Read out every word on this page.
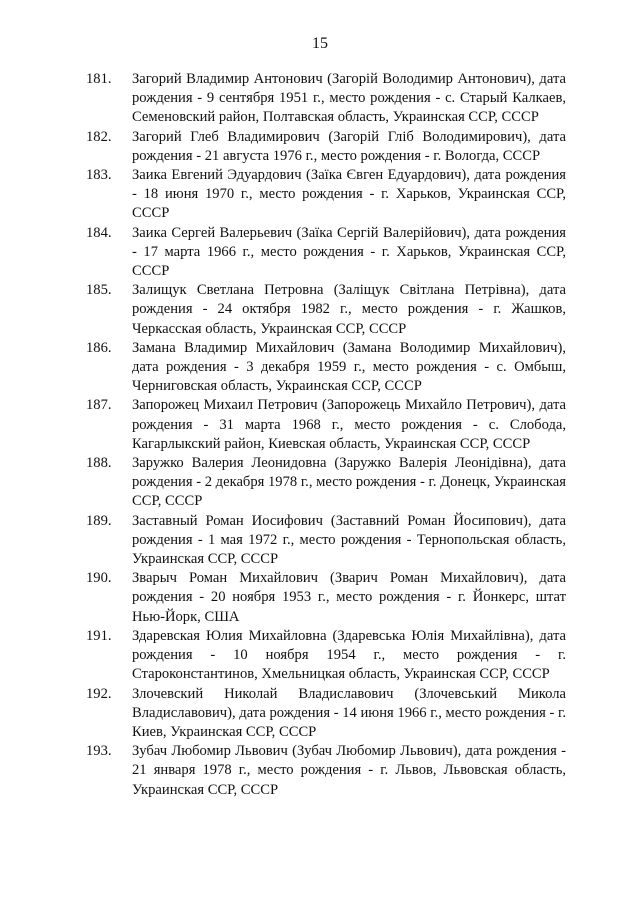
15
181.	Загорий Владимир Антонович (Загорій Володимир Антонович), дата рождения - 9 сентября 1951 г., место рождения - с. Старый Калкаев, Семеновский район, Полтавская область, Украинская ССР, СССР
182.	Загорий Глеб Владимирович (Загорій Гліб Володимирович), дата рождения - 21 августа 1976 г., место рождения - г. Вологда, СССР
183.	Заика Евгений Эдуардович (Заїка Євген Едуардович), дата рождения - 18 июня 1970 г., место рождения - г. Харьков, Украинская ССР, СССР
184.	Заика Сергей Валерьевич (Заїка Сергій Валерійович), дата рождения - 17 марта 1966 г., место рождения - г. Харьков, Украинская ССР, СССР
185.	Залищук Светлана Петровна (Заліщук Світлана Петрівна), дата рождения - 24 октября 1982 г., место рождения - г. Жашков, Черкасская область, Украинская ССР, СССР
186.	Замана Владимир Михайлович (Замана Володимир Михайлович), дата рождения - 3 декабря 1959 г., место рождения - с. Омбыш, Черниговская область, Украинская ССР, СССР
187.	Запорожец Михаил Петрович (Запорожець Михайло Петрович), дата рождения - 31 марта 1968 г., место рождения - с. Слобода, Кагарлыкский район, Киевская область, Украинская ССР, СССР
188.	Заружко Валерия Леонидовна (Заружко Валерія Леонідівна), дата рождения - 2 декабря 1978 г., место рождения - г. Донецк, Украинская ССР, СССР
189.	Заставный Роман Иосифович (Заставний Роман Йосипович), дата рождения - 1 мая 1972 г., место рождения - Тернопольская область, Украинская ССР, СССР
190.	Зварыч Роман Михайлович (Зварич Роман Михайлович), дата рождения - 20 ноября 1953 г., место рождения - г. Йонкерс, штат Нью-Йорк, США
191.	Здаревская Юлия Михайловна (Здаревська Юлія Михайлівна), дата рождения - 10 ноября 1954 г., место рождения - г. Староконстантинов, Хмельницкая область, Украинская ССР, СССР
192.	Злочевский Николай Владиславович (Злочевський Микола Владиславович), дата рождения - 14 июня 1966 г., место рождения - г. Киев, Украинская ССР, СССР
193.	Зубач Любомир Львович (Зубач Любомир Львович), дата рождения - 21 января 1978 г., место рождения - г. Львов, Львовская область, Украинская ССР, СССР
